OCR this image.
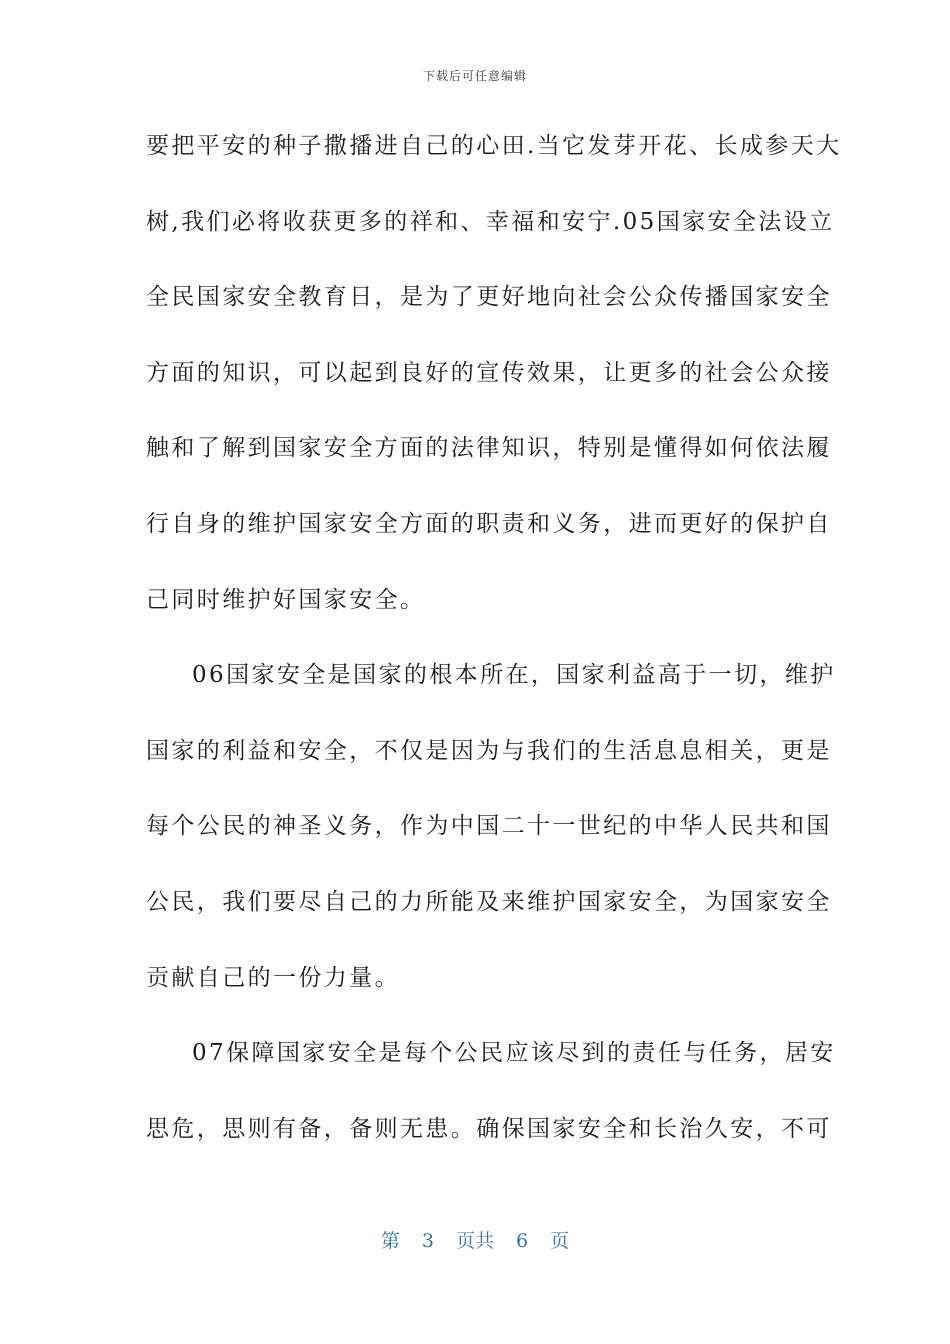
下载后可任意编辑
要把平安的种子撒播进自己的心田.当它发芽开花、长成参天大
树,我们必将收获更多的祥和、幸福和安宁.05国家安全法设立
全民国家安全教育日，是为了更好地向社会公众传播国家安全
方面的知识，可以起到良好的宣传效果，让更多的社会公众接
触和了解到国家安全方面的法律知识，特别是懂得如何依法履
行自身的维护国家安全方面的职责和义务，进而更好的保护自
己同时维护好国家安全。
06国家安全是国家的根本所在，国家利益高于一切，维护
国家的利益和安全，不仅是因为与我们的生活息息相关，更是
每个公民的神圣义务，作为中国二十一世纪的中华人民共和国
公民，我们要尽自己的力所能及来维护国家安全，为国家安全
贡献自己的一份力量。
07保障国家安全是每个公民应该尽到的责任与任务，居安
思危，思则有备，备则无患。确保国家安全和长治久安，不可
第 3 页共 6 页
